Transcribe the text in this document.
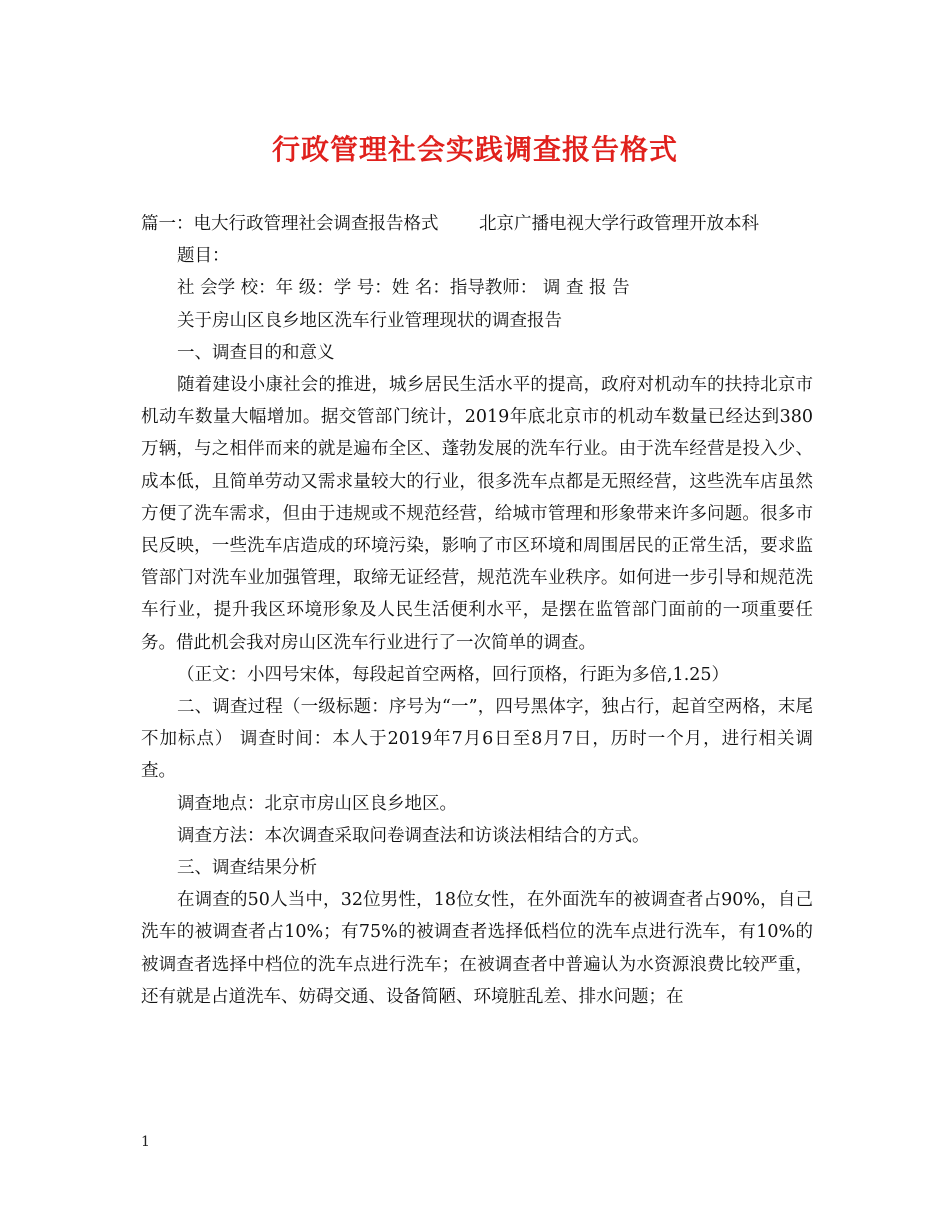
行政管理社会实践调查报告格式

篇一：电大行政管理社会调查报告格式 　　北京广播电视大学行政管理开放本科

题目：

社 会学 校：年 级：学 号：姓 名：指导教师： 调 查 报 告

关于房山区良乡地区洗车行业管理现状的调查报告

一、调查目的和意义

随着建设小康社会的推进，城乡居民生活水平的提高，政府对机动车的扶持北京市机动车数量大幅增加。据交管部门统计，2019年底北京市的机动车数量已经达到380万辆，与之相伴而来的就是遍布全区、蓬勃发展的洗车行业。由于洗车经营是投入少、成本低，且简单劳动又需求量较大的行业，很多洗车点都是无照经营，这些洗车店虽然方便了洗车需求，但由于违规或不规范经营，给城市管理和形象带来许多问题。很多市民反映，一些洗车店造成的环境污染，影响了市区环境和周围居民的正常生活，要求监管部门对洗车业加强管理，取缔无证经营，规范洗车业秩序。如何进一步引导和规范洗车行业，提升我区环境形象及人民生活便利水平，是摆在监管部门面前的一项重要任务。借此机会我对房山区洗车行业进行了一次简单的调查。

（正文：小四号宋体，每段起首空两格，回行顶格，行距为多倍,1.25）

二、调查过程（一级标题：序号为“一”，四号黑体字，独占行，起首空两格，末尾不加标点） 调查时间：本人于2019年7月6日至8月7日，历时一个月，进行相关调查。

调查地点：北京市房山区良乡地区。

调查方法：本次调查采取问卷调查法和访谈法相结合的方式。

三、调查结果分析

在调查的50人当中，32位男性，18位女性，在外面洗车的被调查者占90%，自己洗车的被调查者占10%；有75%的被调查者选择低档位的洗车点进行洗车，有10%的被调查者选择中档位的洗车点进行洗车；在被调查者中普遍认为水资源浪费比较严重，还有就是占道洗车、妨碍交通、设备简陋、环境脏乱差、排水问题；在

1
